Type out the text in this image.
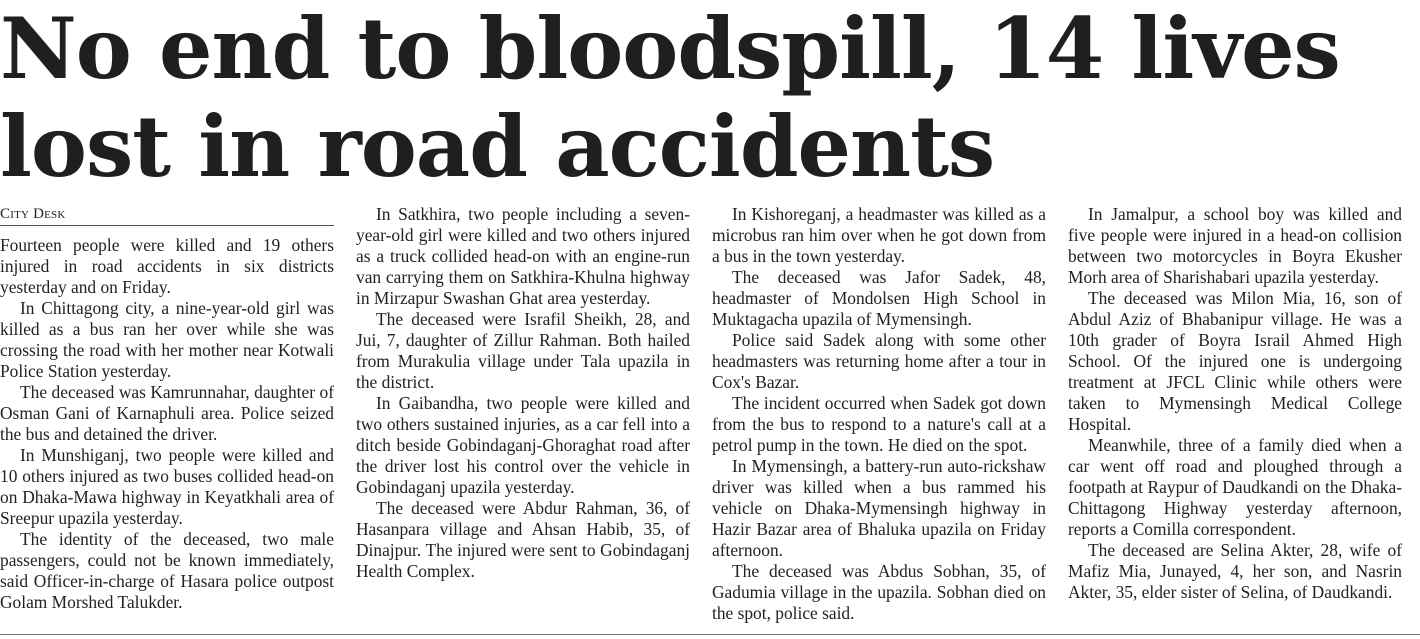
No end to bloodspill, 14 lives
lost in road accidents
City Desk

Fourteen people were killed and 19 others injured in road accidents in six districts yesterday and on Friday.

In Chittagong city, a nine-year-old girl was killed as a bus ran her over while she was crossing the road with her mother near Kotwali Police Station yesterday.

The deceased was Kamrunnahar, daughter of Osman Gani of Karnaphuli area. Police seized the bus and detained the driver.

In Munshiganj, two people were killed and 10 others injured as two buses collided head-on on Dhaka-Mawa highway in Keyatkhali area of Sreepur upazila yesterday.

The identity of the deceased, two male passengers, could not be known immediately, said Officer-in-charge of Hasara police outpost Golam Morshed Talukder.

In Satkhira, two people including a seven-year-old girl were killed and two others injured as a truck collided head-on with an engine-run van carrying them on Satkhira-Khulna highway in Mirzapur Swashan Ghat area yesterday.

The deceased were Israfil Sheikh, 28, and Jui, 7, daughter of Zillur Rahman. Both hailed from Murakulia village under Tala upazila in the district.

In Gaibandha, two people were killed and two others sustained injuries, as a car fell into a ditch beside Gobindaganj-Ghoraghat road after the driver lost his control over the vehicle in Gobindaganj upazila yesterday.

The deceased were Abdur Rahman, 36, of Hasanpara village and Ahsan Habib, 35, of Dinajpur. The injured were sent to Gobindaganj Health Complex.

In Kishoreganj, a headmaster was killed as a microbus ran him over when he got down from a bus in the town yesterday.

The deceased was Jafor Sadek, 48, headmaster of Mondolsen High School in Muktagacha upazila of Mymensingh.

Police said Sadek along with some other headmasters was returning home after a tour in Cox's Bazar.

The incident occurred when Sadek got down from the bus to respond to a nature's call at a petrol pump in the town. He died on the spot.

In Mymensingh, a battery-run auto-rickshaw driver was killed when a bus rammed his vehicle on Dhaka-Mymensingh highway in Hazir Bazar area of Bhaluka upazila on Friday afternoon.

The deceased was Abdus Sobhan, 35, of Gadumia village in the upazila. Sobhan died on the spot, police said.

In Jamalpur, a school boy was killed and five people were injured in a head-on collision between two motorcycles in Boyra Ekusher Morh area of Sharishabari upazila yesterday.

The deceased was Milon Mia, 16, son of Abdul Aziz of Bhabanipur village. He was a 10th grader of Boyra Israil Ahmed High School. Of the injured one is undergoing treatment at JFCL Clinic while others were taken to Mymensingh Medical College Hospital.

Meanwhile, three of a family died when a car went off road and ploughed through a footpath at Raypur of Daudkandi on the Dhaka-Chittagong Highway yesterday afternoon, reports a Comilla correspondent.

The deceased are Selina Akter, 28, wife of Mafiz Mia, Junayed, 4, her son, and Nasrin Akter, 35, elder sister of Selina, of Daudkandi.
